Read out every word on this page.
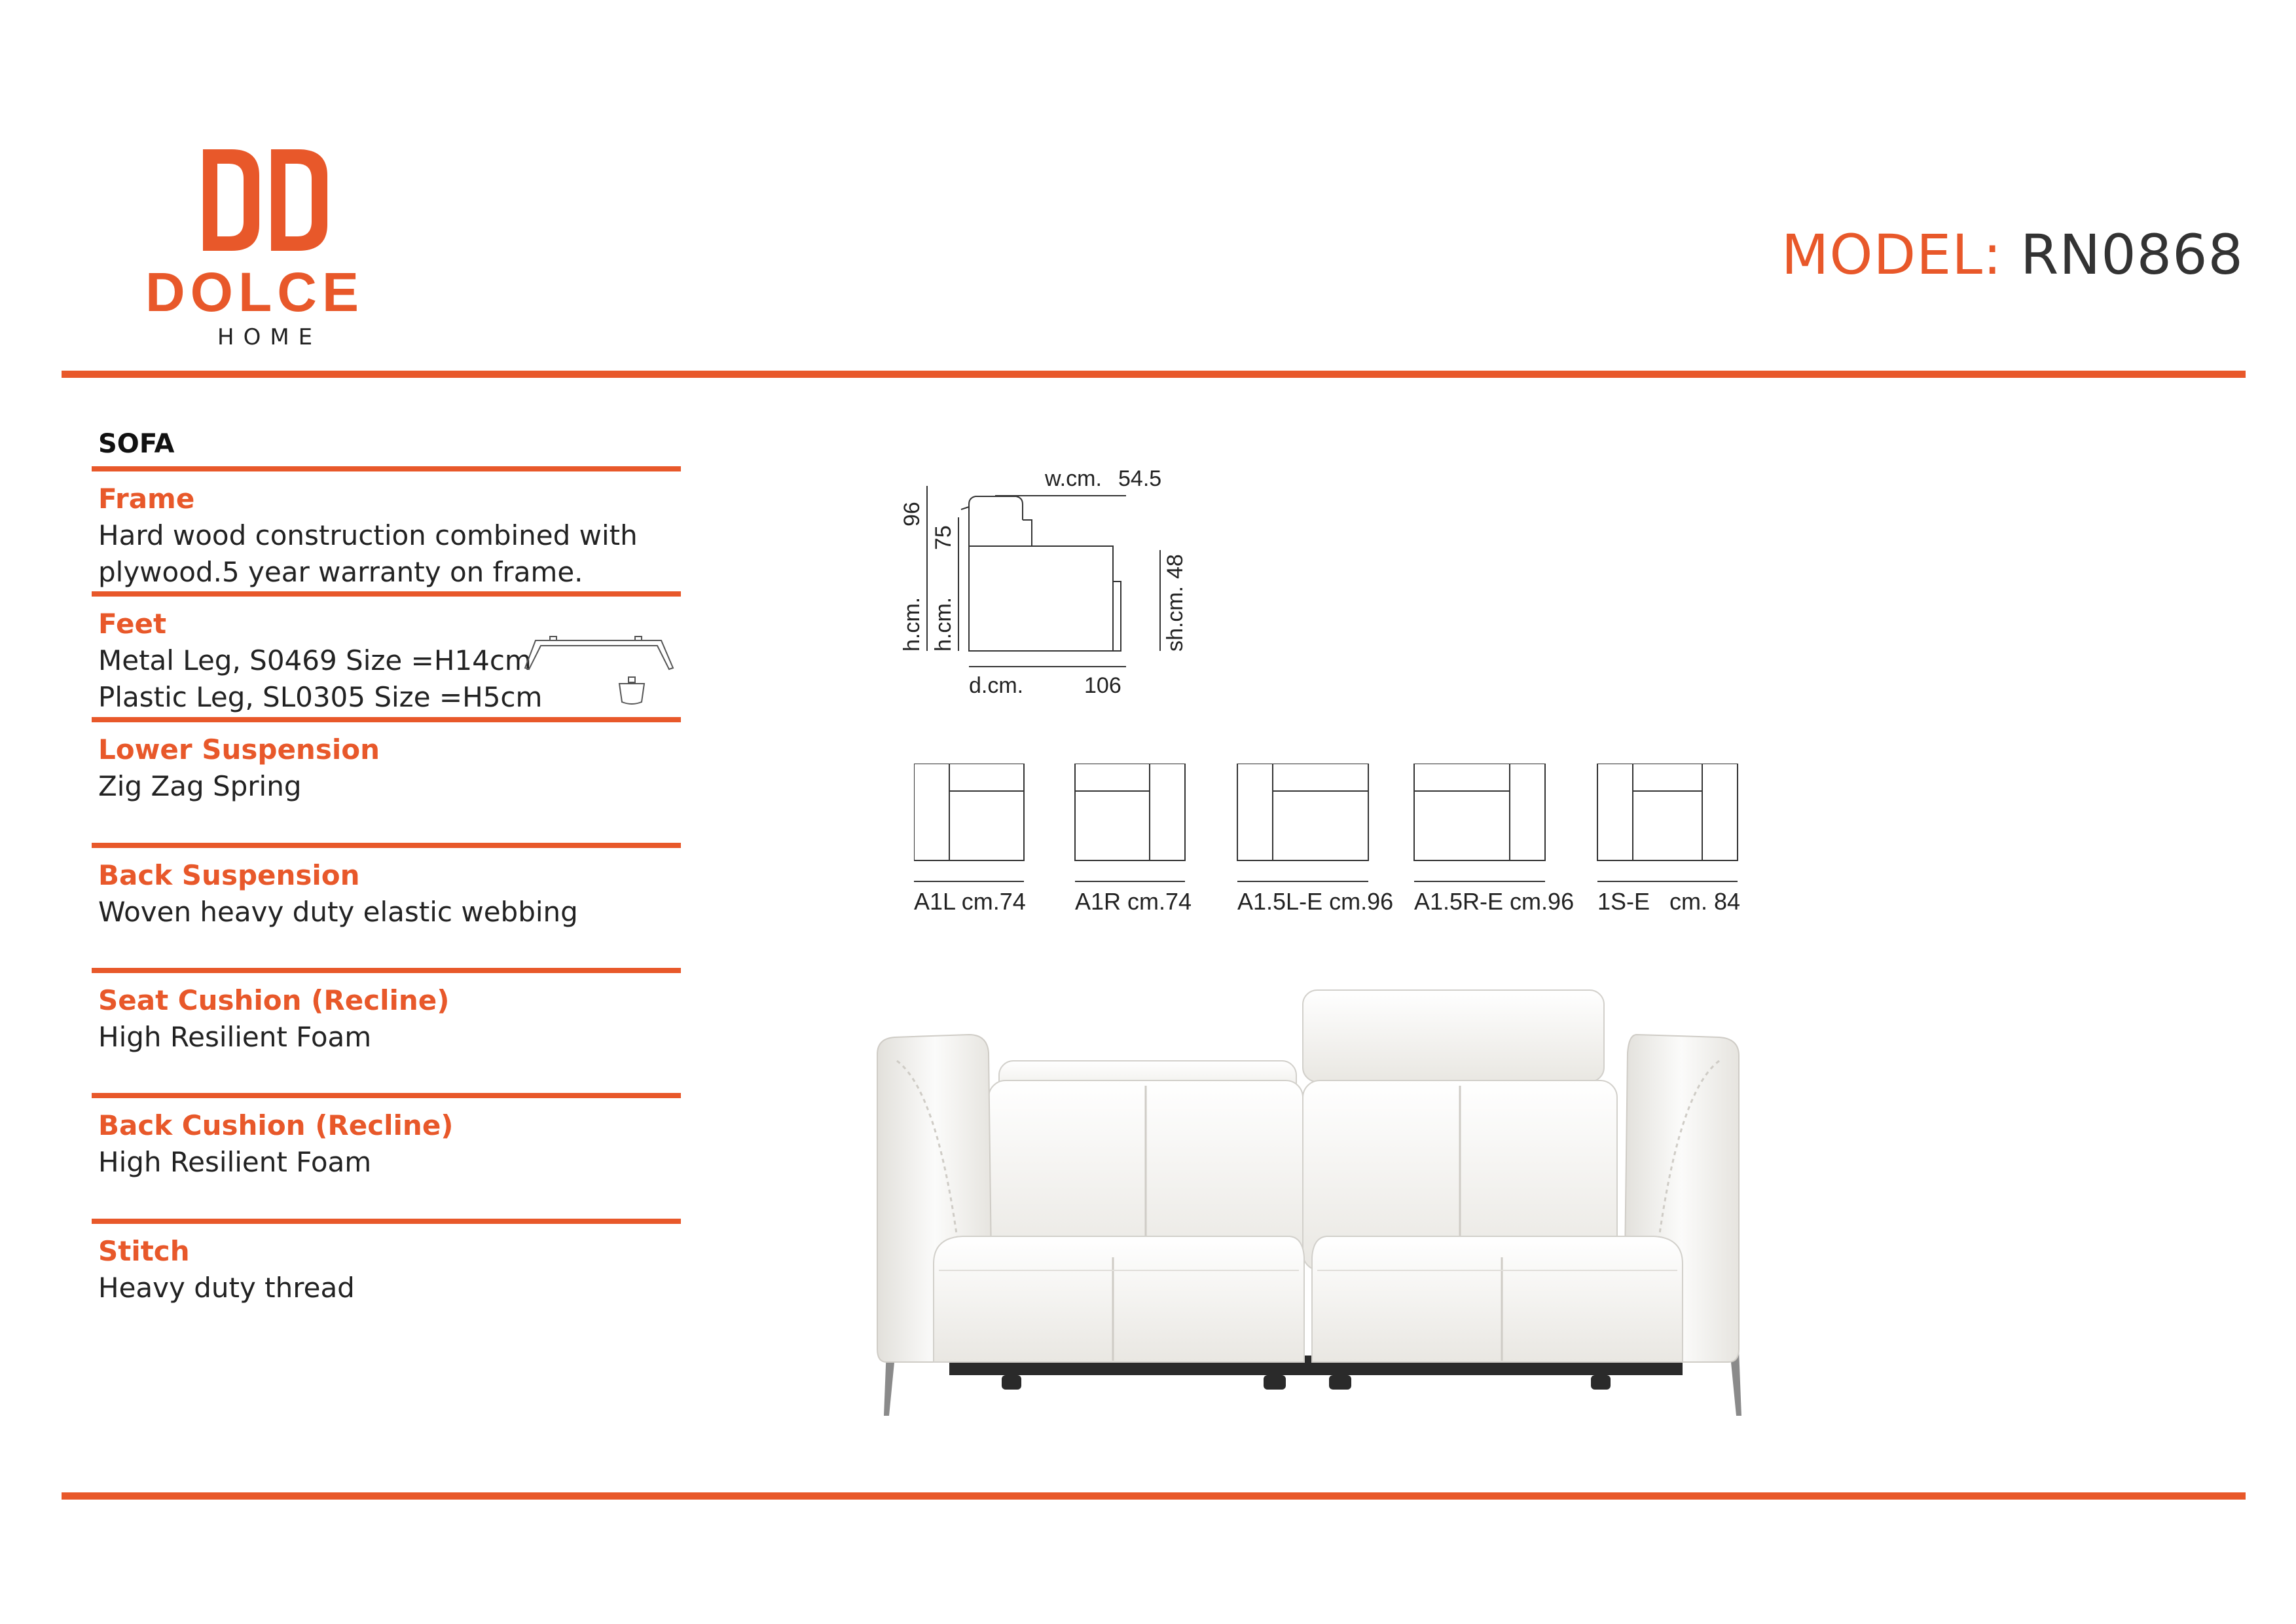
DOLCE
HOME
MODEL: RN0868
SOFA
Frame
Hard wood construction combined with
plywood.5 year warranty on frame.
Feet
Metal Leg, S0469 Size =H14cm
Plastic Leg, SL0305 Size =H5cm
Lower Suspension
Zig Zag Spring
Back Suspension
Woven heavy duty elastic webbing
Seat Cushion (Recline)
High Resilient Foam
Back Cushion (Recline)
High Resilient Foam
Stitch
Heavy duty thread
w.cm. 54.5
h.cm.
96
h.cm.
75
sh.cm.
48
d.cm.	106
A1L cm.74 A1R cm.74 A1.5L-E cm.96 A1.5R-E cm.96 1S-E   cm. 84
